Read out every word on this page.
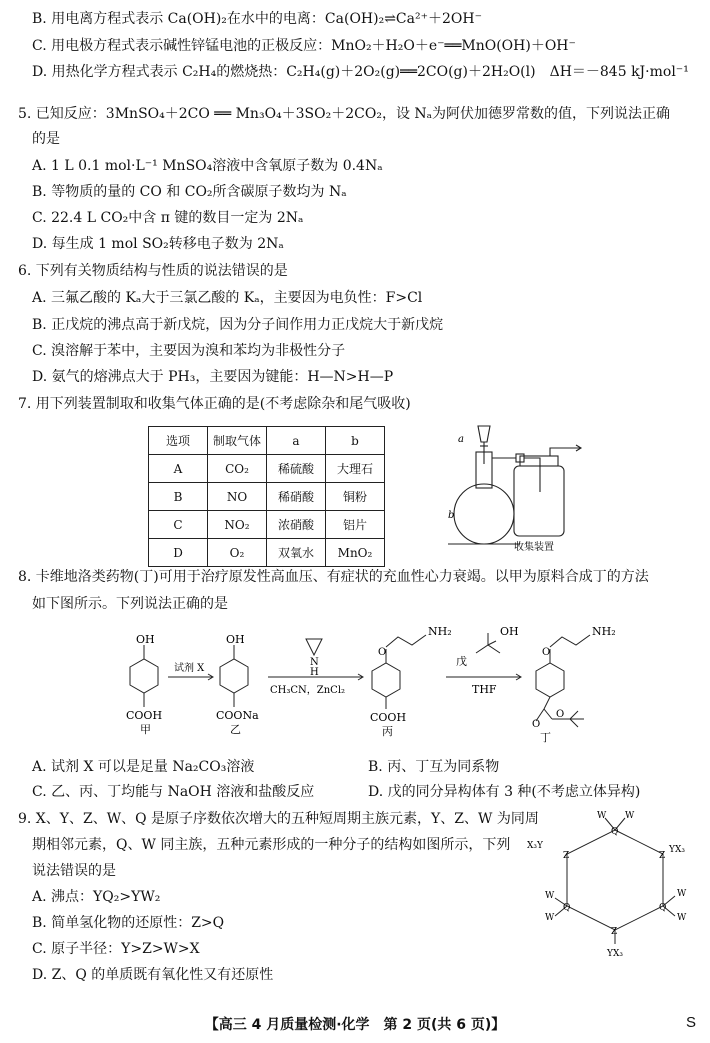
B. 用电离方程式表示 Ca(OH)₂在水中的电离：Ca(OH)₂⇌Ca²⁺＋2OH⁻
C. 用电极方程式表示碱性锌锰电池的正极反应：MnO₂＋H₂O＋e⁻══MnO(OH)＋OH⁻
D. 用热化学方程式表示 C₂H₄的燃烧热：C₂H₄(g)＋2O₂(g)══2CO(g)＋2H₂O(l)　ΔH＝－845 kJ·mol⁻¹
5. 已知反应：3MnSO₄＋2CO ══ Mn₃O₄＋3SO₂＋2CO₂，设 Nₐ为阿伏加德罗常数的值，下列说法正确
的是
A. 1 L 0.1 mol·L⁻¹ MnSO₄溶液中含氧原子数为 0.4Nₐ
B. 等物质的量的 CO 和 CO₂所含碳原子数均为 Nₐ
C. 22.4 L CO₂中含 π 键的数目一定为 2Nₐ
D. 每生成 1 mol SO₂转移电子数为 2Nₐ
6. 下列有关物质结构与性质的说法错误的是
A. 三氟乙酸的 Kₐ大于三氯乙酸的 Kₐ，主要因为电负性：F>Cl
B. 正戊烷的沸点高于新戊烷，因为分子间作用力正戊烷大于新戊烷
C. 溴溶解于苯中，主要因为溴和苯均为非极性分子
D. 氨气的熔沸点大于 PH₃，主要因为键能：H—N>H—P
7. 用下列装置制取和收集气体正确的是(不考虑除杂和尾气吸收)
选项	制取气体	a	b
A	CO₂	稀硫酸	大理石
B	NO	稀硝酸	铜粉
C	NO₂	浓硝酸	铝片
D	O₂	双氧水	MnO₂
a
b
收集装置
8. 卡维地洛类药物(丁)可用于治疗原发性高血压、有症状的充血性心力衰竭。以甲为原料合成丁的方法
如下图所示。下列说法正确的是
OH
COOH
甲
试剂 X
OH
COONa
乙
N
H
CH₃CN，ZnCl₂
O
NH₂
COOH
丙
戊
OH
THF
O
NH₂
O
O
丁
A. 试剂 X 可以是足量 Na₂CO₃溶液	B. 丙、丁互为同系物
C. 乙、丙、丁均能与 NaOH 溶液和盐酸反应	D. 戊的同分异构体有 3 种(不考虑立体异构)
9. X、Y、Z、W、Q 是原子序数依次增大的五种短周期主族元素，Y、Z、W 为同周
期相邻元素，Q、W 同主族，五种元素形成的一种分子的结构如图所示，下列
说法错误的是
A. 沸点：YQ₂>YW₂
B. 简单氢化物的还原性：Z>Q
C. 原子半径：Y>Z>W>X
D. Z、Q 的单质既有氧化性又有还原性
W W
Q
Z
YX₃
Z
X₃Y
Q
W
W
Q
W
W
Z
YX₃
【高三 4 月质量检测·化学　第 2 页(共 6 页)】	S
